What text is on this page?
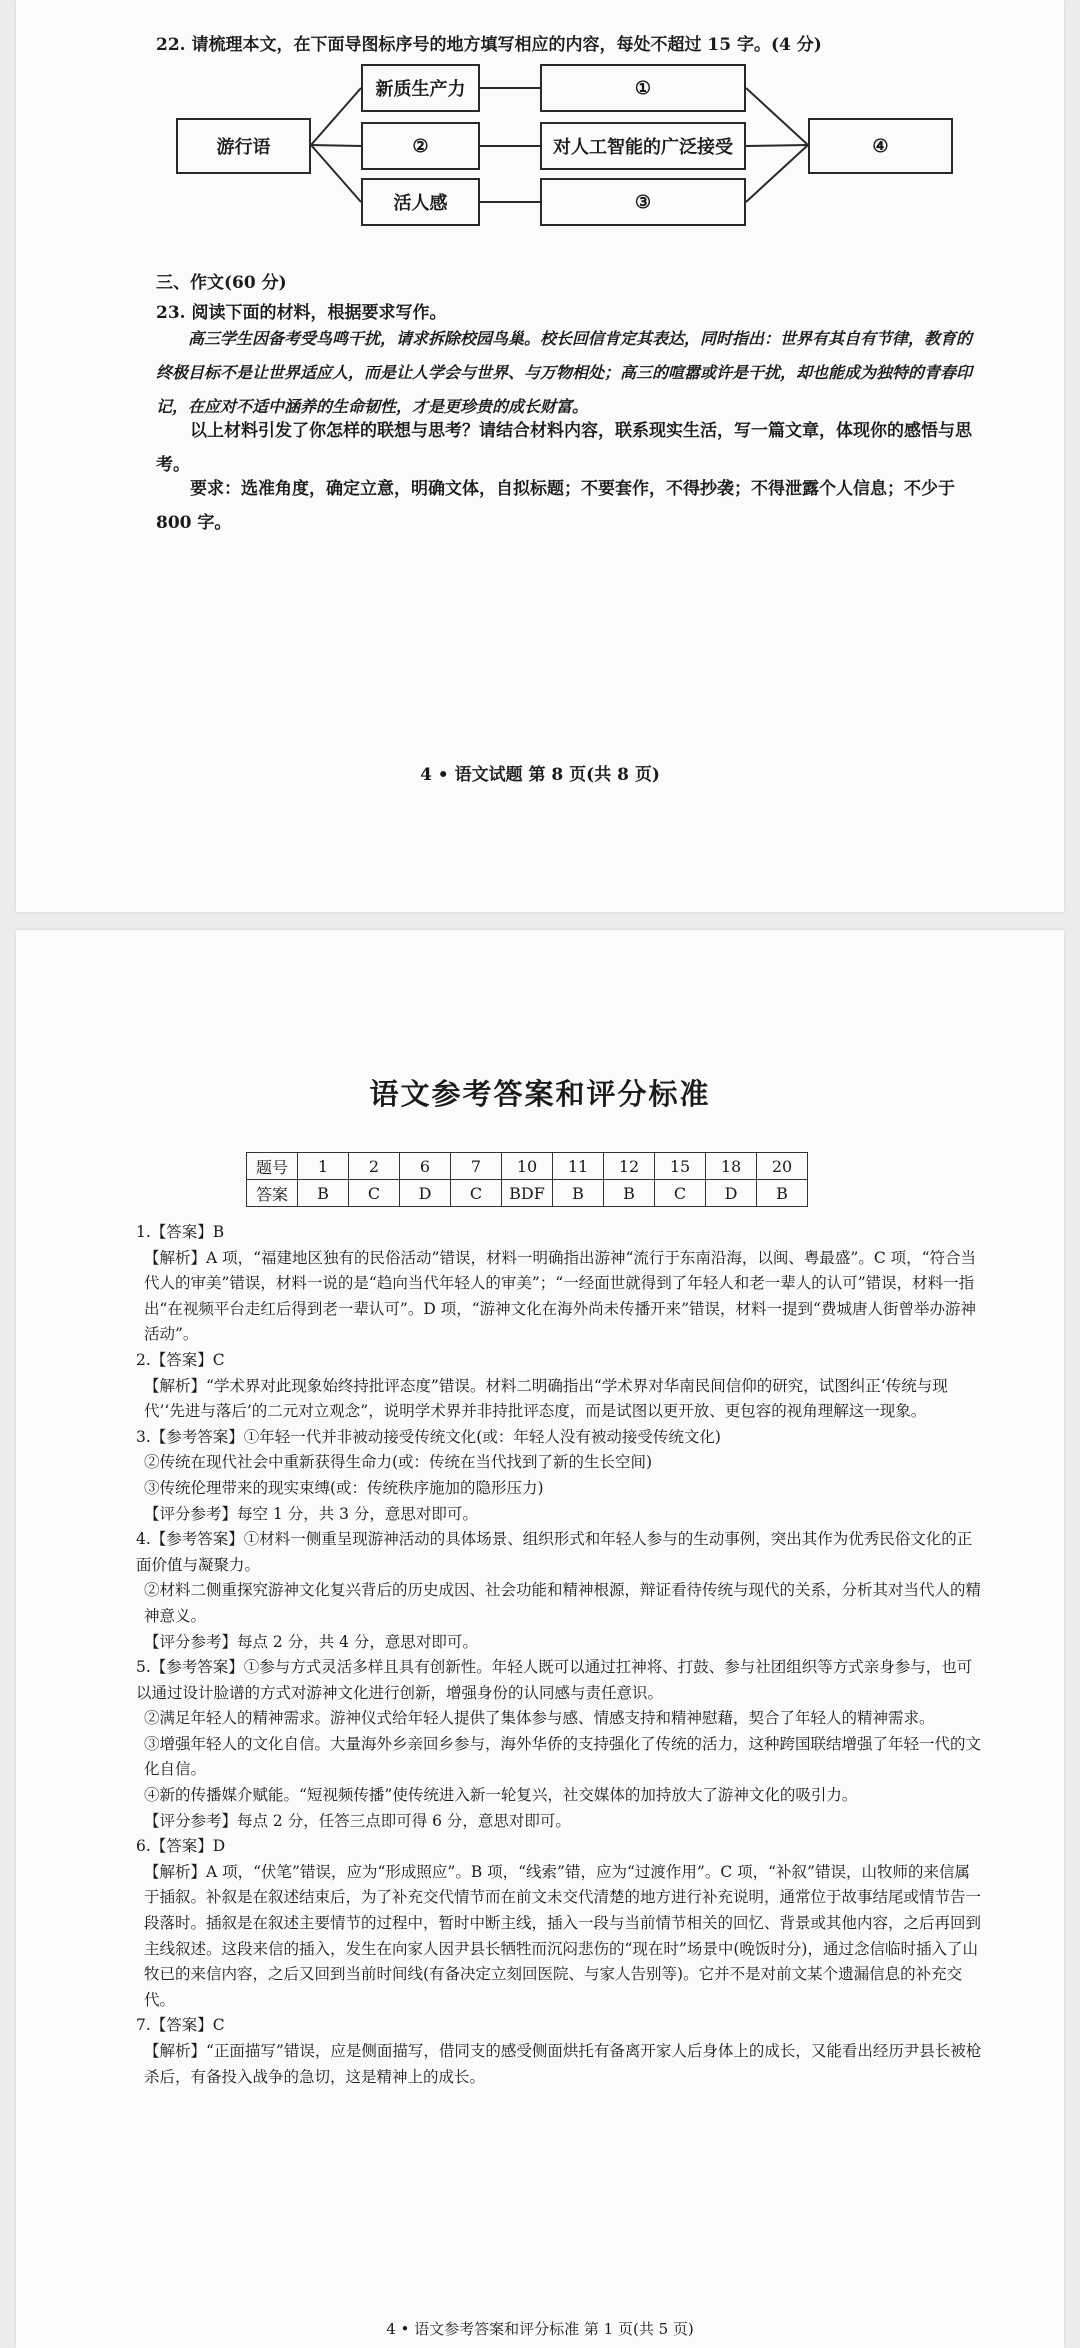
22. 请梳理本文，在下面导图标序号的地方填写相应的内容，每处不超过 15 字。(4 分)
游行语
新质生产力
②
活人感
①
对人工智能的广泛接受
③
④
三、作文(60 分)
23. 阅读下面的材料，根据要求写作。
高三学生因备考受鸟鸣干扰，请求拆除校园鸟巢。校长回信肯定其表达，同时指出：世界有其自有节律，教育的终极目标不是让世界适应人，而是让人学会与世界、与万物相处；高三的喧嚣或许是干扰，却也能成为独特的青春印记，在应对不适中涵养的生命韧性，才是更珍贵的成长财富。
以上材料引发了你怎样的联想与思考？请结合材料内容，联系现实生活，写一篇文章，体现你的感悟与思考。
要求：选准角度，确定立意，明确文体，自拟标题；不要套作，不得抄袭；不得泄露个人信息；不少于 800 字。
4 • 语文试题 第 8 页(共 8 页)
语文参考答案和评分标准
题号	1	2	6	7	10	11	12	15	18	20
答案	B	C	D	C	BDF	B	B	C	D	B

1.【答案】B

【解析】A 项，“福建地区独有的民俗活动”错误，材料一明确指出游神“流行于东南沿海，以闽、粤最盛”。C 项，“符合当代人的审美”错误，材料一说的是“趋向当代年轻人的审美”；“一经面世就得到了年轻人和老一辈人的认可”错误，材料一指出“在视频平台走红后得到老一辈认可”。D 项，“游神文化在海外尚未传播开来”错误，材料一提到“费城唐人街曾举办游神活动”。

2.【答案】C

【解析】“学术界对此现象始终持批评态度”错误。材料二明确指出“学术界对华南民间信仰的研究，试图纠正‘传统与现代’‘先进与落后’的二元对立观念”，说明学术界并非持批评态度，而是试图以更开放、更包容的视角理解这一现象。

3.【参考答案】①年轻一代并非被动接受传统文化(或：年轻人没有被动接受传统文化)

②传统在现代社会中重新获得生命力(或：传统在当代找到了新的生长空间)

③传统伦理带来的现实束缚(或：传统秩序施加的隐形压力)

【评分参考】每空 1 分，共 3 分，意思对即可。

4.【参考答案】①材料一侧重呈现游神活动的具体场景、组织形式和年轻人参与的生动事例，突出其作为优秀民俗文化的正面价值与凝聚力。

②材料二侧重探究游神文化复兴背后的历史成因、社会功能和精神根源，辩证看待传统与现代的关系，分析其对当代人的精神意义。

【评分参考】每点 2 分，共 4 分，意思对即可。

5.【参考答案】①参与方式灵活多样且具有创新性。年轻人既可以通过扛神将、打鼓、参与社团组织等方式亲身参与，也可以通过设计脸谱的方式对游神文化进行创新，增强身份的认同感与责任意识。

②满足年轻人的精神需求。游神仪式给年轻人提供了集体参与感、情感支持和精神慰藉，契合了年轻人的精神需求。

③增强年轻人的文化自信。大量海外乡亲回乡参与，海外华侨的支持强化了传统的活力，这种跨国联结增强了年轻一代的文化自信。

④新的传播媒介赋能。“短视频传播”使传统进入新一轮复兴，社交媒体的加持放大了游神文化的吸引力。

【评分参考】每点 2 分，任答三点即可得 6 分，意思对即可。

6.【答案】D

【解析】A 项，“伏笔”错误，应为“形成照应”。B 项，“线索”错，应为“过渡作用”。C 项，“补叙”错误，山牧师的来信属于插叙。补叙是在叙述结束后，为了补充交代情节而在前文未交代清楚的地方进行补充说明，通常位于故事结尾或情节告一段落时。插叙是在叙述主要情节的过程中，暂时中断主线，插入一段与当前情节相关的回忆、背景或其他内容，之后再回到主线叙述。这段来信的插入，发生在向家人因尹县长牺牲而沉闷悲伤的“现在时”场景中(晚饭时分)，通过念信临时插入了山牧已的来信内容，之后又回到当前时间线(有备决定立刻回医院、与家人告别等)。它并不是对前文某个遗漏信息的补充交代。

7.【答案】C

【解析】“正面描写”错误，应是侧面描写，借同支的感受侧面烘托有备离开家人后身体上的成长，又能看出经历尹县长被枪杀后，有备投入战争的急切，这是精神上的成长。

4 • 语文参考答案和评分标准 第 1 页(共 5 页)
